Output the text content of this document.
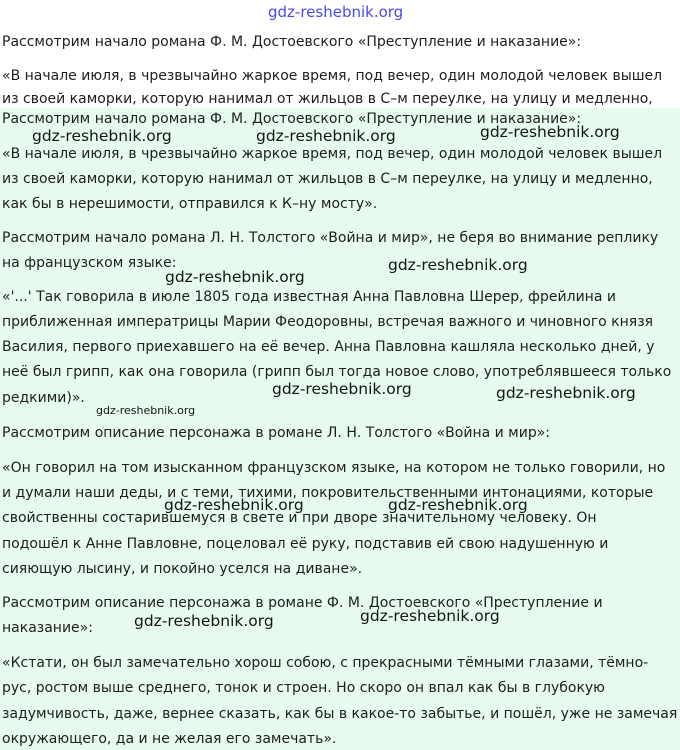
gdz-reshebnik.org

Рассмотрим начало романа Ф. М. Достоевского «Преступление и наказание»:

«В начале июля, в чрезвычайно жаркое время, под вечер, один молодой человек вышел

из своей каморки, которую нанимал от жильцов в С–м переулке, на улицу и медленно,

Рассмотрим начало романа Ф. М. Достоевского «Преступление и наказание»:

«В начале июля, в чрезвычайно жаркое время, под вечер, один молодой человек вышел

из своей каморки, которую нанимал от жильцов в С–м переулке, на улицу и медленно,

как бы в нерешимости, отправился к К–ну мосту».

Рассмотрим начало романа Л. Н. Толстого «Война и мир», не беря во внимание реплику

на французском языке:

«'...' Так говорила в июле 1805 года известная Анна Павловна Шерер, фрейлина и

приближенная императрицы Марии Феодоровны, встречая важного и чиновного князя

Василия, первого приехавшего на её вечер. Анна Павловна кашляла несколько дней, у

неё был грипп, как она говорила (грипп был тогда новое слово, употреблявшееся только

редкими)».

Рассмотрим описание персонажа в романе Л. Н. Толстого «Война и мир»:

«Он говорил на том изысканном французском языке, на котором не только говорили, но

и думали наши деды, и с теми, тихими, покровительственными интонациями, которые

свойственны состарившемуся в свете и при дворе значительному человеку. Он

подошёл к Анне Павловне, поцеловал её руку, подставив ей свою надушенную и

сияющую лысину, и покойно уселся на диване».

Рассмотрим описание персонажа в романе Ф. М. Достоевского «Преступление и

наказание»:

«Кстати, он был замечательно хорош собою, с прекрасными тёмными глазами, тёмно-

рус, ростом выше среднего, тонок и строен. Но скоро он впал как бы в глубокую

задумчивость, даже, вернее сказать, как бы в какое-то забытье, и пошёл, уже не замечая

окружающего, да и не желая его замечать».

gdz-reshebnik.org	gdz-reshebnik.org	gdz-reshebnik.org
gdz-reshebnik.org
gdz-reshebnik.org
gdz-reshebnik.org	gdz-reshebnik.org
gdz-reshebnik.org
gdz-reshebnik.org	gdz-reshebnik.org
gdz-reshebnik.org	gdz-reshebnik.org
